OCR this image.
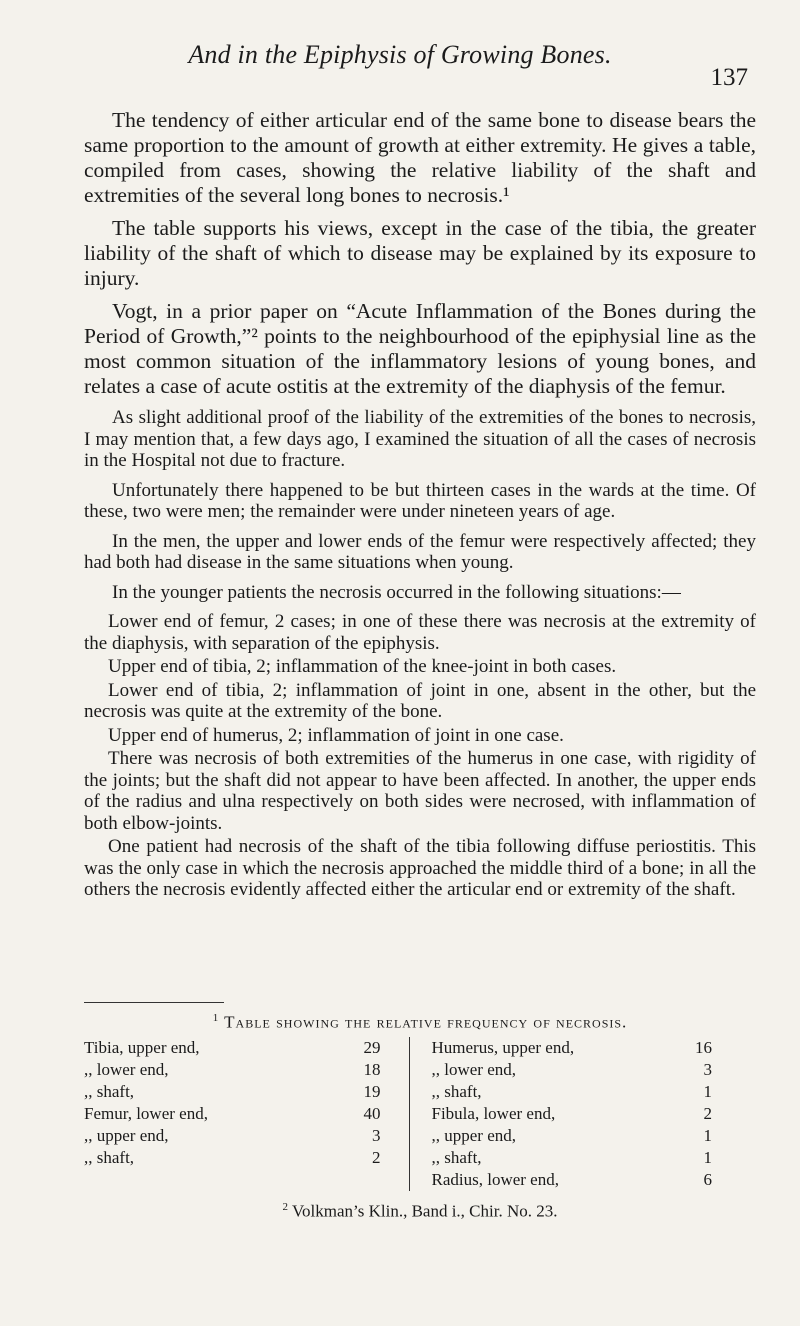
And in the Epiphysis of Growing Bones.
137

The tendency of either articular end of the same bone to disease bears the same proportion to the amount of growth at either extremity. He gives a table, compiled from cases, showing the relative liability of the shaft and extremities of the several long bones to necrosis.¹

The table supports his views, except in the case of the tibia, the greater liability of the shaft of which to disease may be explained by its exposure to injury.

Vogt, in a prior paper on “Acute Inflammation of the Bones during the Period of Growth,”² points to the neighbourhood of the epiphysial line as the most common situation of the inflammatory lesions of young bones, and relates a case of acute ostitis at the extremity of the diaphysis of the femur.

As slight additional proof of the liability of the extremities of the bones to necrosis, I may mention that, a few days ago, I examined the situation of all the cases of necrosis in the Hospital not due to fracture.

Unfortunately there happened to be but thirteen cases in the wards at the time. Of these, two were men; the remainder were under nineteen years of age.

In the men, the upper and lower ends of the femur were respectively affected; they had both had disease in the same situations when young.

In the younger patients the necrosis occurred in the following situations:—

Lower end of femur, 2 cases; in one of these there was necrosis at the extremity of the diaphysis, with separation of the epiphysis.

Upper end of tibia, 2; inflammation of the knee-joint in both cases.

Lower end of tibia, 2; inflammation of joint in one, absent in the other, but the necrosis was quite at the extremity of the bone.

Upper end of humerus, 2; inflammation of joint in one case.

There was necrosis of both extremities of the humerus in one case, with rigidity of the joints; but the shaft did not appear to have been affected. In another, the upper ends of the radius and ulna respectively on both sides were necrosed, with inflammation of both elbow-joints.

One patient had necrosis of the shaft of the tibia following diffuse periostitis. This was the only case in which the necrosis approached the middle third of a bone; in all the others the necrosis evidently affected either the articular end or extremity of the shaft.

$^1$ Table showing the relative frequency of necrosis.
Tibia, upper end,	29
,, lower end,	18
,, shaft,	19
Femur, lower end,	40
,, upper end,	3
,, shaft,	2
Humerus, upper end,	16
,, lower end,	3
,, shaft,	1
Fibula, lower end,	2
,, upper end,	1
,, shaft,	1
Radius, lower end,	6
$^2$ Volkman’s Klin., Band i., Chir. No. 23.
